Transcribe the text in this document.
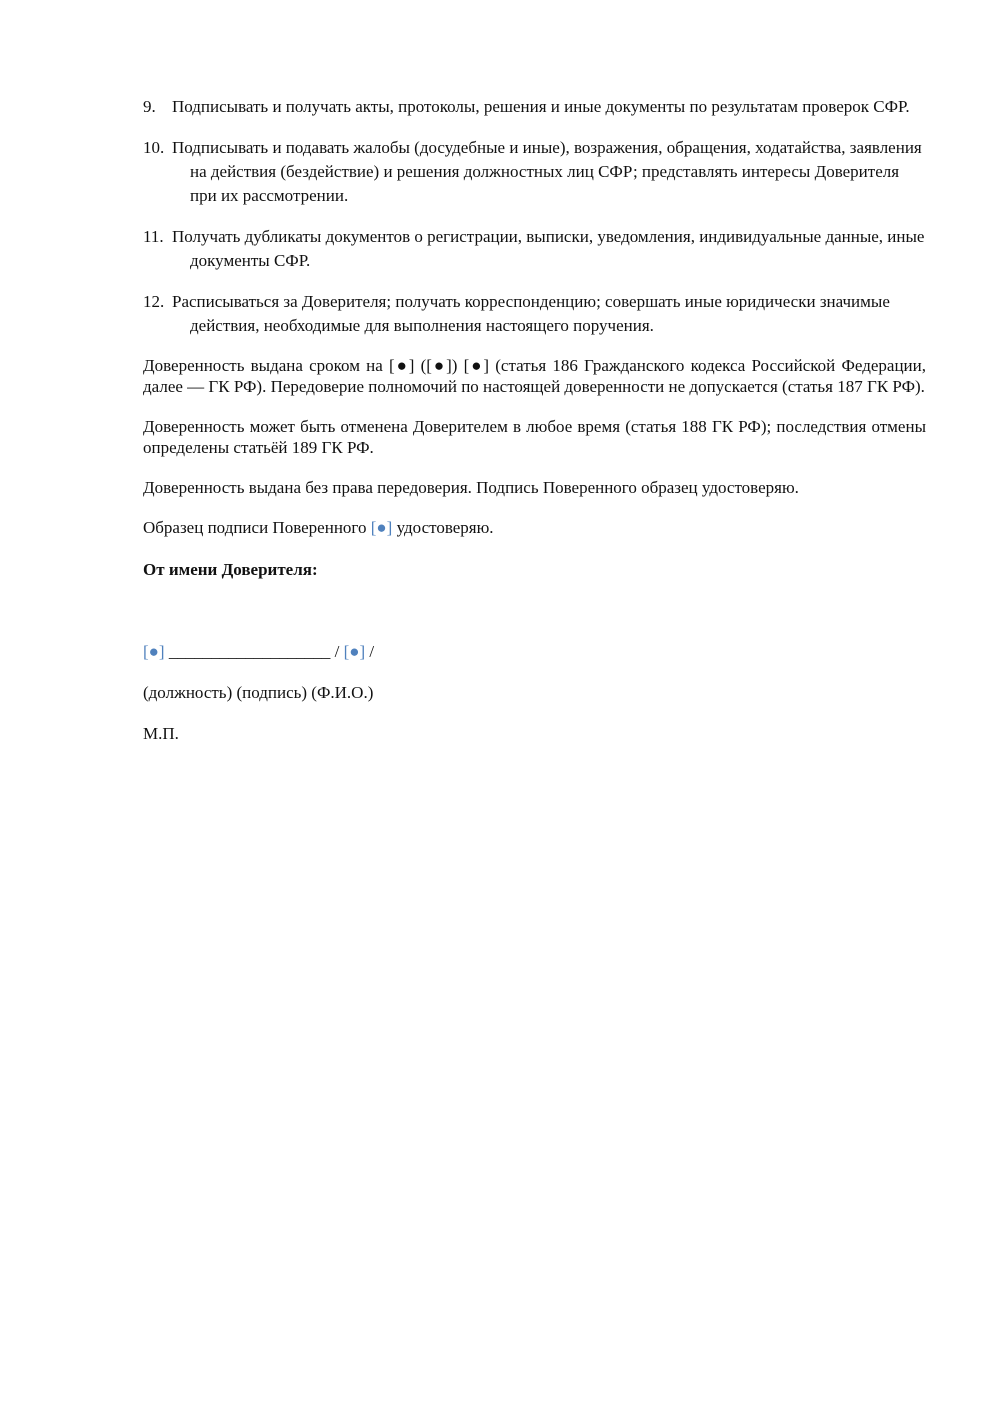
9. Подписывать и получать акты, протоколы, решения и иные документы по результатам проверок СФР.
10. Подписывать и подавать жалобы (досудебные и иные), возражения, обращения, ходатайства, заявления на действия (бездействие) и решения должностных лиц СФР; представлять интересы Доверителя при их рассмотрении.
11. Получать дубликаты документов о регистрации, выписки, уведомления, индивидуальные данные, иные документы СФР.
12. Расписываться за Доверителя; получать корреспонденцию; совершать иные юридически значимые действия, необходимые для выполнения настоящего поручения.

Доверенность выдана сроком на [●] ([●]) [●] (статья 186 Гражданского кодекса Российской Федерации, далее — ГК РФ). Передоверие полномочий по настоящей доверенности не допускается (статья 187 ГК РФ).

Доверенность может быть отменена Доверителем в любое время (статья 188 ГК РФ); последствия отмены определены статьёй 189 ГК РФ.

Доверенность выдана без права передоверия. Подпись Поверенного образец удостоверяю.

Образец подписи Поверенного [●] удостоверяю.

От имени Доверителя:
[●] ___________________ / [●] /
(должность) (подпись) (Ф.И.О.)
М.П.
